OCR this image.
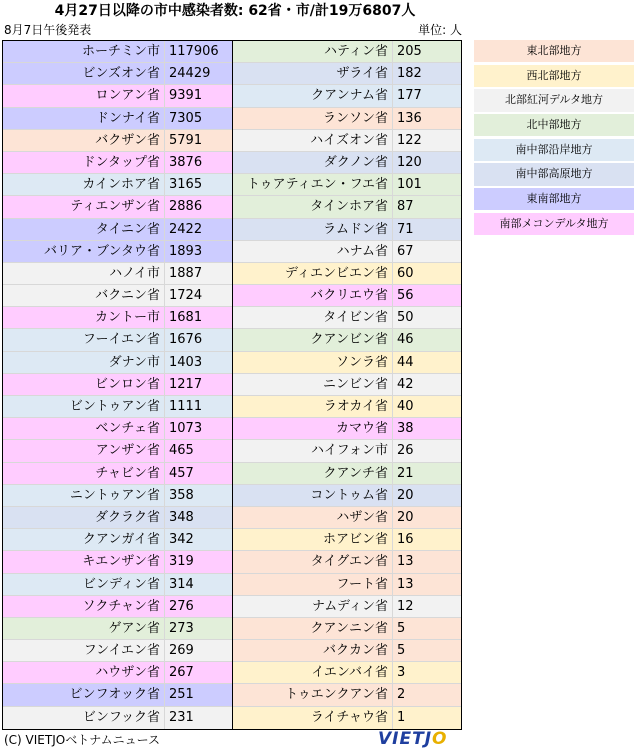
4月27日以降の市中感染者数: 62省・市/計19万6807人
8月7日午後発表	単位: 人
ホーチミン市 117906
ビンズオン省 24429
ロンアン省 9391
ドンナイ省 7305
バクザン省 5791
ドンタップ省 3876
カインホア省 3165
ティエンザン省 2886
タイニン省 2422
バリア・ブンタウ省 1893
ハノイ市 1887
バクニン省 1724
カントー市 1681
フーイエン省 1676
ダナン市 1403
ビンロン省 1217
ビントゥアン省 1111
ベンチェ省 1073
アンザン省 465
チャビン省 457
ニントゥアン省 358
ダクラク省 348
クアンガイ省 342
キエンザン省 319
ビンディン省 314
ソクチャン省 276
ゲアン省 273
フンイエン省 269
ハウザン省 267
ビンフオック省 251
ビンフック省 231
ハティン省 205
ザライ省 182
クアンナム省 177
ランソン省 136
ハイズオン省 122
ダクノン省 120
トゥアティエン・フエ省 101
タインホア省 87
ラムドン省 71
ハナム省 67
ディエンビエン省 60
バクリエウ省 56
タイビン省 50
クアンビン省 46
ソンラ省 44
ニンビン省 42
ラオカイ省 40
カマウ省 38
ハイフォン市 26
クアンチ省 21
コントゥム省 20
ハザン省 20
ホアビン省 16
タイグエン省 13
フート省 13
ナムディン省 12
クアンニン省 5
バクカン省 5
イエンバイ省 3
トゥエンクアン省 2
ライチャウ省 1
東北部地方
西北部地方
北部紅河デルタ地方
北中部地方
南中部沿岸地方
南中部高原地方
東南部地方
南部メコンデルタ地方
(C) VIETJOベトナムニュース	VIETJO
